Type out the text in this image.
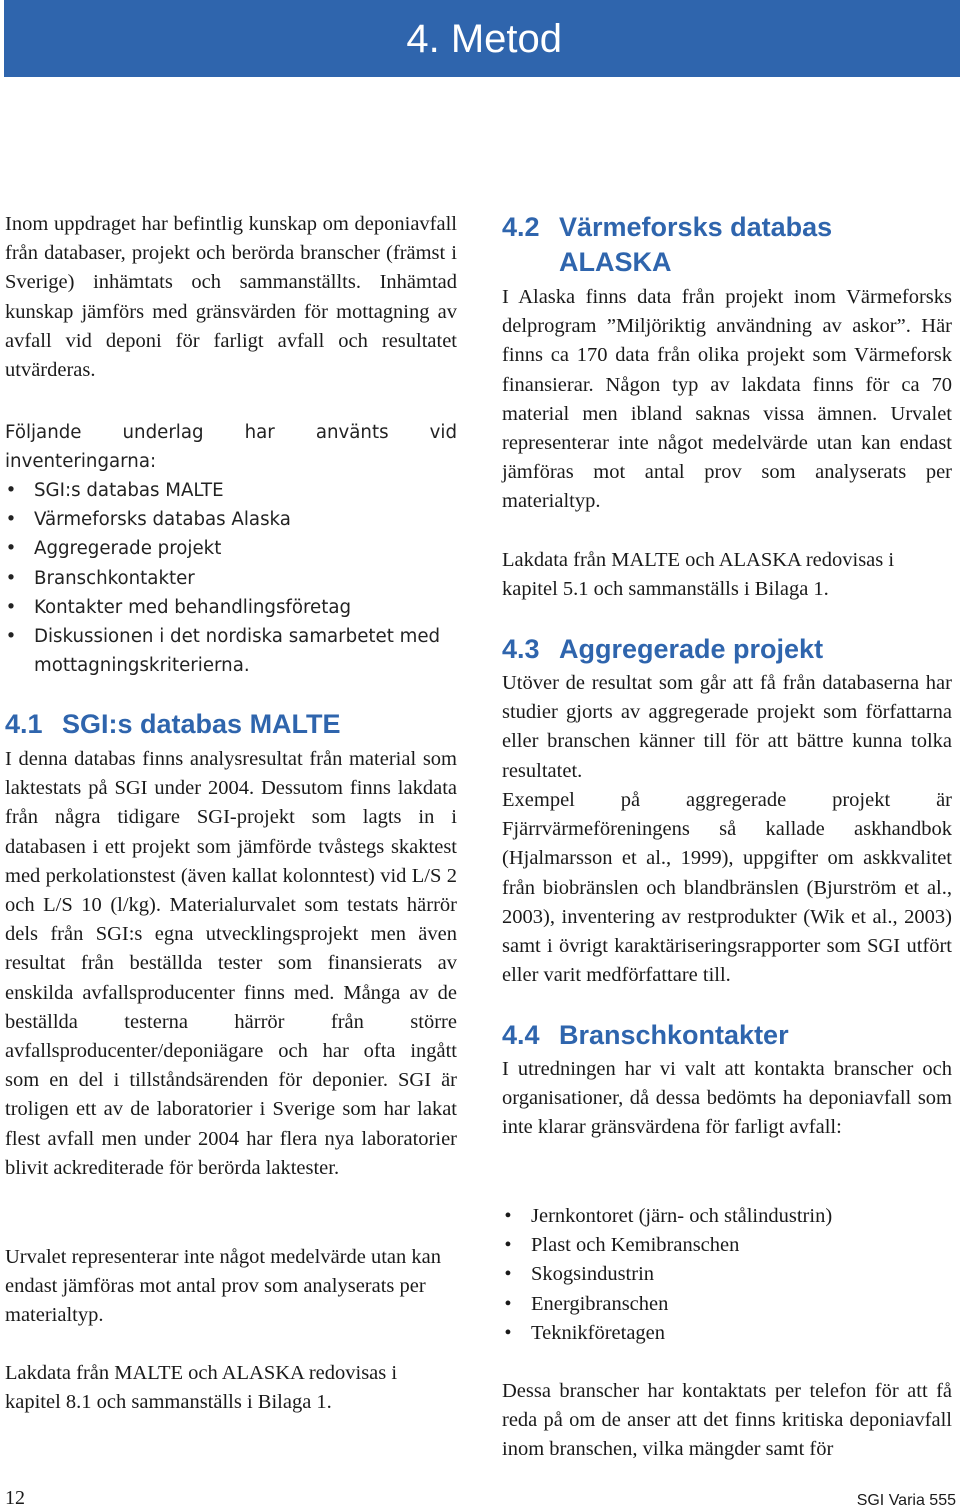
4. Metod

Inom uppdraget har befintlig kunskap om deponiavfall från databaser, projekt och berörda branscher (främst i Sverige) inhämtats och sammanställts. Inhämtad kunskap jämförs med gränsvärden för mottagning av avfall vid deponi för farligt avfall och resultatet utvärderas.

Följande underlag har använts vid inventeringarna:

• SGI:s databas MALTE
• Värmeforsks databas Alaska
• Aggregerade projekt
• Branschkontakter
• Kontakter med behandlingsföretag
• Diskussionen i det nordiska samarbetet med mottagningskriterierna.
4.1 SGI:s databas MALTE

I denna databas finns analysresultat från material som laktestats på SGI under 2004. Dessutom finns lakdata från några tidigare SGI-projekt som lagts in i databasen i ett projekt som jämförde tvåstegs skaktest med perkolationstest (även kallat kolonntest) vid L/S 2 och L/S 10 (l/kg). Materialurvalet som testats härrör dels från SGI:s egna utvecklingsprojekt men även resultat från beställda tester som finansierats av enskilda avfallsproducenter finns med. Många av de beställda testerna härrör från större avfallsproducenter/deponiägare och har ofta ingått som en del i tillståndsärenden för deponier. SGI är troligen ett av de laboratorier i Sverige som har lakat flest avfall men under 2004 har flera nya laboratorier blivit ackrediterade för berörda laktester.

Urvalet representerar inte något medelvärde utan kan endast jämföras mot antal prov som analyserats per materialtyp.

Lakdata från MALTE och ALASKA redovisas i kapitel 8.1 och sammanställs i Bilaga 1.

4.2 Värmeforsks databas
ALASKA

I Alaska finns data från projekt inom Värmeforsks delprogram ”Miljöriktig användning av askor”. Här finns ca 170 data från olika projekt som Värmeforsk finansierar. Någon typ av lakdata finns för ca 70 material men ibland saknas vissa ämnen. Urvalet representerar inte något medelvärde utan kan endast jämföras mot antal prov som analyserats per materialtyp.

Lakdata från MALTE och ALASKA redovisas i kapitel 5.1 och sammanställs i Bilaga 1.

4.3 Aggregerade projekt

Utöver de resultat som går att få från databaserna har studier gjorts av aggregerade projekt som författarna eller branschen känner till för att bättre kunna tolka resultatet.

Exempel på aggregerade projekt är Fjärrvärmeföreningens så kallade askhandbok (Hjalmarsson et al., 1999), uppgifter om askkvalitet från biobränslen och blandbränslen (Bjurström et al., 2003), inventering av restprodukter (Wik et al., 2003) samt i övrigt karaktäriseringsrapporter som SGI utfört eller varit medförfattare till.

4.4 Branschkontakter

I utredningen har vi valt att kontakta branscher och organisationer, då dessa bedömts ha deponiavfall som inte klarar gränsvärdena för farligt avfall:

• Jernkontoret (järn- och stålindustrin)
• Plast och Kemibranschen
• Skogsindustrin
• Energibranschen
• Teknikföretagen

Dessa branscher har kontaktats per telefon för att få reda på om de anser att det finns kritiska deponiavfall inom branschen, vilka mängder samt för

12	SGI Varia 555
